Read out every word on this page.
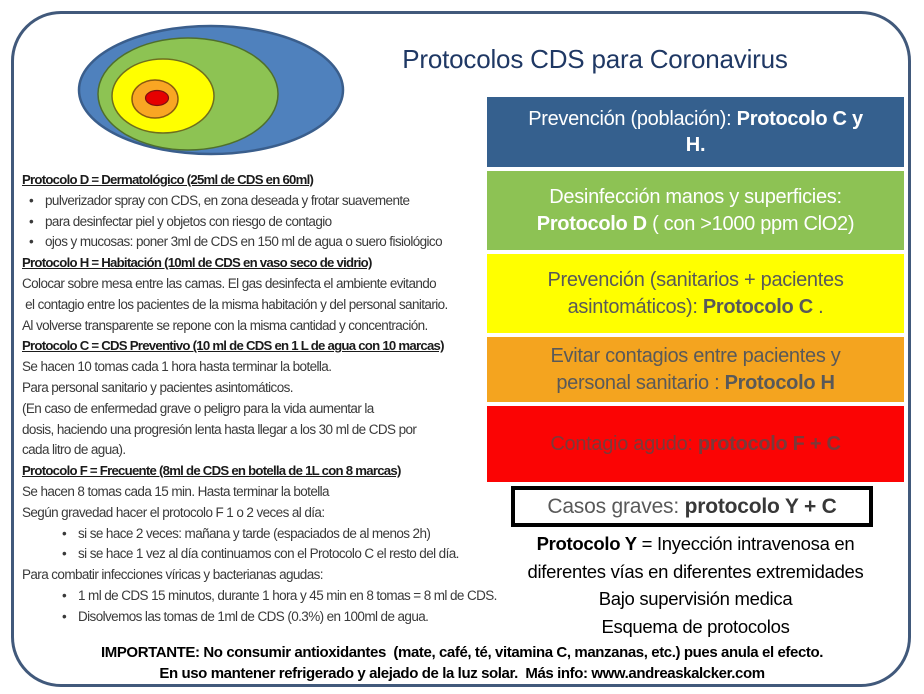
Protocolos CDS para Coronavirus
Protocolo D = Dermatológico (25ml de CDS en 60ml)
• pulverizador spray con CDS, en zona deseada y frotar suavemente
• para desinfectar piel y objetos con riesgo de contagio
• ojos y mucosas: poner 3ml de CDS en 150 ml de agua o suero fisiológico
Protocolo H = Habitación (10ml de CDS en vaso seco de vidrio)
Colocar sobre mesa entre las camas. El gas desinfecta el ambiente evitando
el contagio entre los pacientes de la misma habitación y del personal sanitario.
Al volverse transparente se repone con la misma cantidad y concentración.
Protocolo C = CDS Preventivo (10 ml de CDS en 1 L de agua con 10 marcas)
Se hacen 10 tomas cada 1 hora hasta terminar la botella.
Para personal sanitario y pacientes asintomáticos.
(En caso de enfermedad grave o peligro para la vida aumentar la
dosis, haciendo una progresión lenta hasta llegar a los 30 ml de CDS por
cada litro de agua).
Protocolo F = Frecuente (8ml de CDS en botella de 1L con 8 marcas)
Se hacen 8 tomas cada 15 min. Hasta terminar la botella
Según gravedad hacer el protocolo F 1 o 2 veces al día:
• si se hace 2 veces: mañana y tarde (espaciados de al menos 2h)
• si se hace 1 vez al día continuamos con el Protocolo C el resto del día.
Para combatir infecciones víricas y bacterianas agudas:
• 1 ml de CDS 15 minutos, durante 1 hora y 45 min en 8 tomas = 8 ml de CDS.
• Disolvemos las tomas de 1ml de CDS (0.3%) en 100ml de agua.
Prevención (población): Protocolo C y
H.
Desinfección manos y superficies:
Protocolo D ( con >1000 ppm ClO2)
Prevención (sanitarios + pacientes
asintomáticos): Protocolo C .
Evitar contagios entre pacientes y
personal sanitario : Protocolo H
Contagio agudo: protocolo F + C
Casos graves: protocolo Y + C
Protocolo Y = Inyección intravenosa en
diferentes vías en diferentes extremidades
Bajo supervisión medica
Esquema de protocolos
IMPORTANTE: No consumir antioxidantes  (mate, café, té, vitamina C, manzanas, etc.) pues anula el efecto.
En uso mantener refrigerado y alejado de la luz solar.  Más info: www.andreaskalcker.com
